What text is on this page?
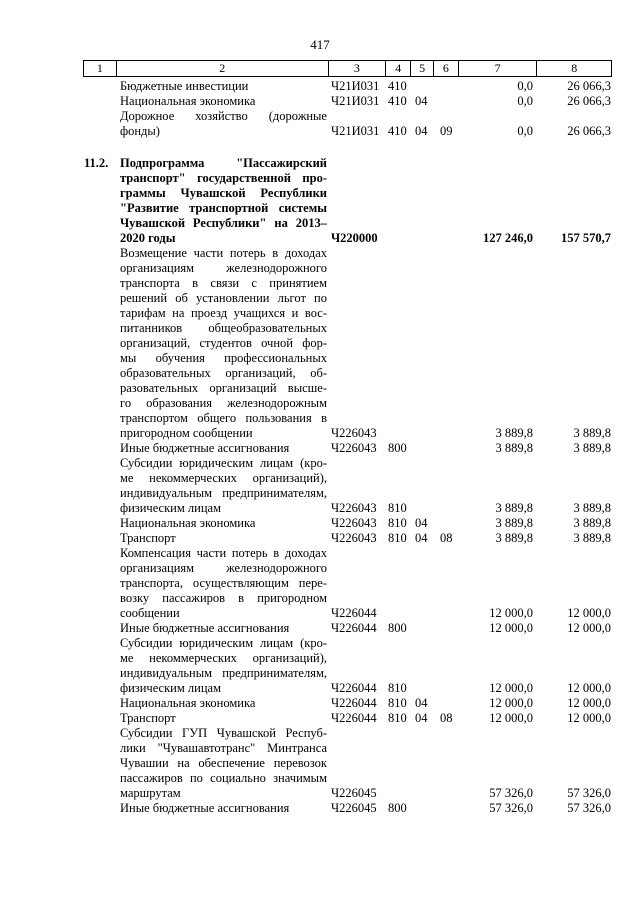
417
1	2	3	4	5	6	7	8
Бюджетные инвестиции	Ч21И031 410	0,0	26 066,3
Национальная экономика	Ч21И031 410 04	0,0	26 066,3
Дорожное хозяйство (дорожные
фонды)	Ч21И031 410 04 09	0,0	26 066,3
11.2. Подпрограмма "Пассажирский
транспорт" государственной про-
граммы Чувашской Республики
"Развитие транспортной системы
Чувашской Республики" на 2013–
2020 годы	Ч220000	127 246,0	157 570,7
Возмещение части потерь в доходах
организациям железнодорожного
транспорта в связи с принятием
решений об установлении льгот по
тарифам на проезд учащихся и вос-
питанников общеобразовательных
организаций, студентов очной фор-
мы обучения профессиональных
образовательных организаций, об-
разовательных организаций высше-
го образования железнодорожным
транспортом общего пользования в
пригородном сообщении	Ч226043	3 889,8	3 889,8
Иные бюджетные ассигнования	Ч226043 800	3 889,8	3 889,8
Субсидии юридическим лицам (кро-
ме некоммерческих организаций),
индивидуальным предпринимателям,
физическим лицам	Ч226043 810	3 889,8	3 889,8
Национальная экономика	Ч226043 810 04	3 889,8	3 889,8
Транспорт	Ч226043 810 04 08	3 889,8	3 889,8
Компенсация части потерь в доходах
организациям железнодорожного
транспорта, осуществляющим пере-
возку пассажиров в пригородном
сообщении	Ч226044	12 000,0	12 000,0
Иные бюджетные ассигнования	Ч226044 800	12 000,0	12 000,0
Субсидии юридическим лицам (кро-
ме некоммерческих организаций),
индивидуальным предпринимателям,
физическим лицам	Ч226044 810	12 000,0	12 000,0
Национальная экономика	Ч226044 810 04	12 000,0	12 000,0
Транспорт	Ч226044 810 04 08	12 000,0	12 000,0
Субсидии ГУП Чувашской Респуб-
лики "Чувашавтотранс" Минтранса
Чувашии на обеспечение перевозок
пассажиров по социально значимым
маршрутам	Ч226045	57 326,0	57 326,0
Иные бюджетные ассигнования	Ч226045 800	57 326,0	57 326,0
